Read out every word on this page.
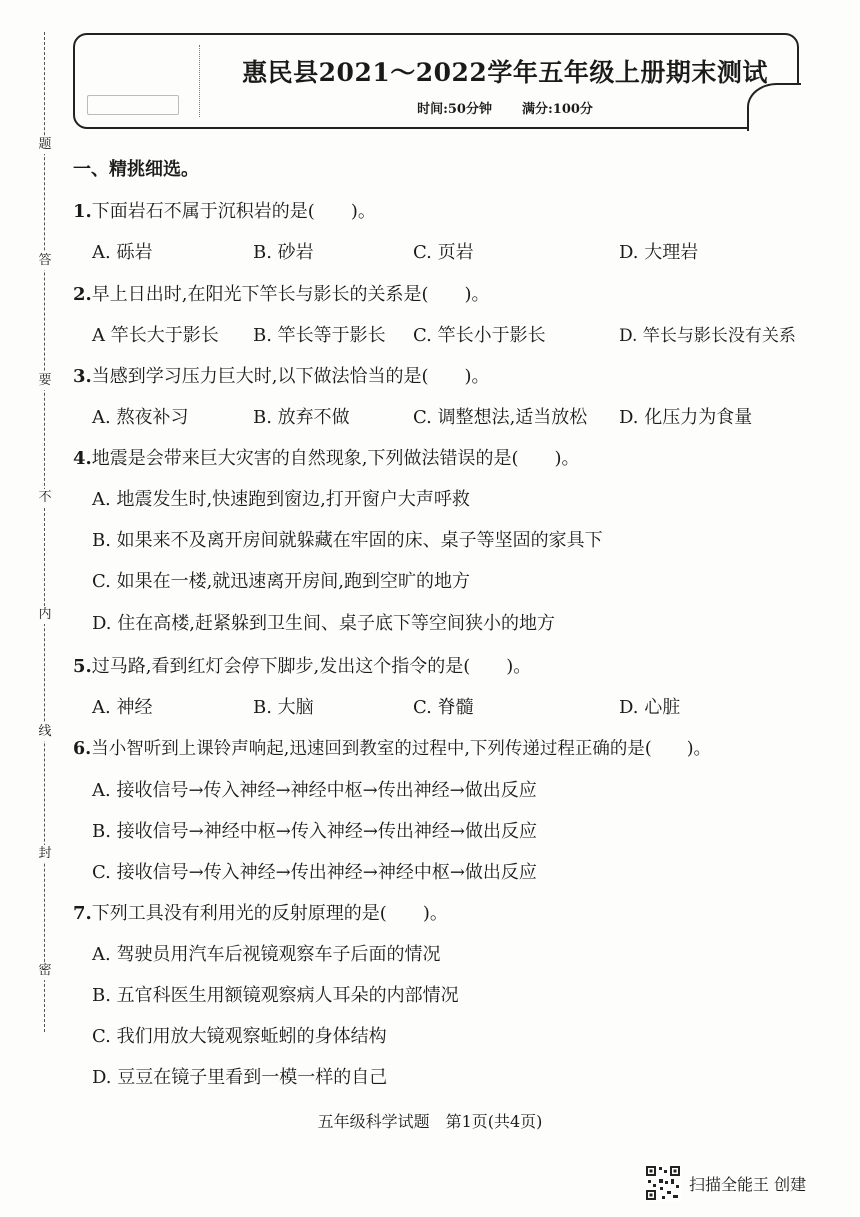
题
答
要
不
内
线
封
密
惠民县2021～2022学年五年级上册期末测试
时间:50分钟 满分:100分
一、精挑细选。
1.下面岩石不属于沉积岩的是(　　)。
A. 砾岩	B. 砂岩	C. 页岩	D. 大理岩
2.早上日出时,在阳光下竿长与影长的关系是(　　)。
A 竿长大于影长 B. 竿长等于影长 C. 竿长小于影长	D. 竿长与影长没有关系
3.当感到学习压力巨大时,以下做法恰当的是(　　)。
A. 熬夜补习	B. 放弃不做	C. 调整想法,适当放松 D. 化压力为食量
4.地震是会带来巨大灾害的自然现象,下列做法错误的是(　　)。
A. 地震发生时,快速跑到窗边,打开窗户大声呼救
B. 如果来不及离开房间就躲藏在牢固的床、桌子等坚固的家具下
C. 如果在一楼,就迅速离开房间,跑到空旷的地方
D. 住在高楼,赶紧躲到卫生间、桌子底下等空间狭小的地方
5.过马路,看到红灯会停下脚步,发出这个指令的是(　　)。
A. 神经	B. 大脑	C. 脊髓	D. 心脏
6.当小智听到上课铃声响起,迅速回到教室的过程中,下列传递过程正确的是(　　)。
A. 接收信号→传入神经→神经中枢→传出神经→做出反应
B. 接收信号→神经中枢→传入神经→传出神经→做出反应
C. 接收信号→传入神经→传出神经→神经中枢→做出反应
7.下列工具没有利用光的反射原理的是(　　)。
A. 驾驶员用汽车后视镜观察车子后面的情况
B. 五官科医生用额镜观察病人耳朵的内部情况
C. 我们用放大镜观察蚯蚓的身体结构
D. 豆豆在镜子里看到一模一样的自己
五年级科学试题　第1页(共4页)
扫描全能王 创建
